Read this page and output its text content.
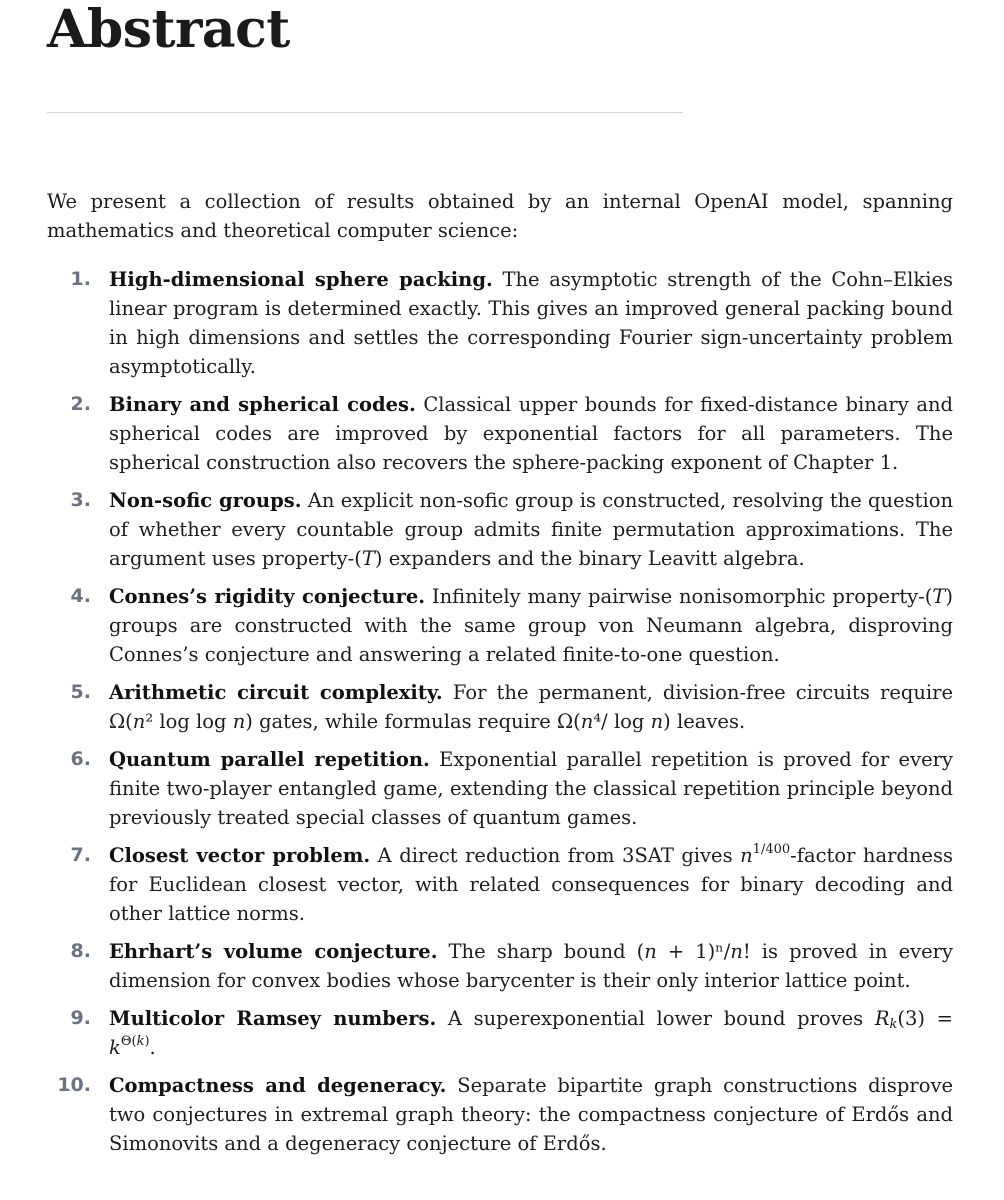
Abstract

We present a collection of results obtained by an internal OpenAI model, spanning mathematics and theoretical computer science:

1. High-dimensional sphere packing. The asymptotic strength of the Cohn–Elkies linear program is determined exactly. This gives an improved general packing bound in high dimensions and settles the corresponding Fourier sign-uncertainty problem asymptotically.
2. Binary and spherical codes. Classical upper bounds for fixed-distance binary and spherical codes are improved by exponential factors for all parameters. The spherical construction also recovers the sphere-packing exponent of Chapter 1.
3. Non-sofic groups. An explicit non-sofic group is constructed, resolving the question of whether every countable group admits finite permutation approximations. The argument uses property-(T) expanders and the binary Leavitt algebra.
4. Connes’s rigidity conjecture. Infinitely many pairwise nonisomorphic property-(T) groups are constructed with the same group von Neumann algebra, disproving Connes’s conjecture and answering a related finite-to-one question.
5. Arithmetic circuit complexity. For the permanent, division-free circuits require Ω(n² log log n) gates, while formulas require Ω(n⁴/ log n) leaves.
6. Quantum parallel repetition. Exponential parallel repetition is proved for every finite two-player entangled game, extending the classical repetition principle beyond previously treated special classes of quantum games.
7. Closest vector problem. A direct reduction from 3SAT gives $n^{1/400}$-factor hardness for Euclidean closest vector, with related consequences for binary decoding and other lattice norms.
8. Ehrhart’s volume conjecture. The sharp bound (n + 1)ⁿ/n! is proved in every dimension for convex bodies whose barycenter is their only interior lattice point.
9. Multicolor Ramsey numbers. A superexponential lower bound proves $R_k(3) = k^{\Theta(k)}$.
10. Compactness and degeneracy. Separate bipartite graph constructions disprove two conjectures in extremal graph theory: the compactness conjecture of Erdős and Simonovits and a degeneracy conjecture of Erdős.
